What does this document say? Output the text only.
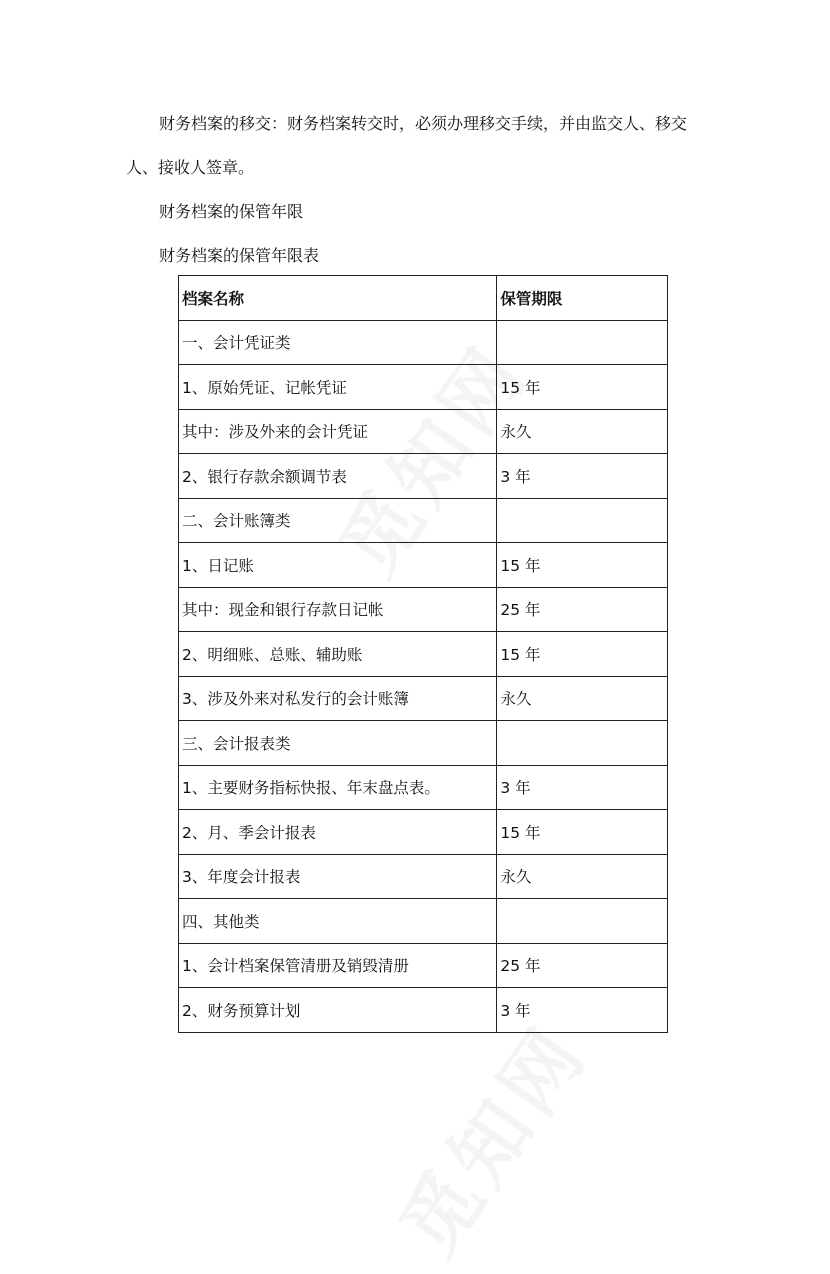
财务档案的移交：财务档案转交时，必须办理移交手续，并由监交人、移交人、接收人签章。

财务档案的保管年限

财务档案的保管年限表

档案名称	保管期限
一、会计凭证类	
1、原始凭证、记帐凭证	15 年
其中：涉及外来的会计凭证	永久
2、银行存款余额调节表	3 年
二、会计账簿类	
1、日记账	15 年
其中：现金和银行存款日记帐	25 年
2、明细账、总账、辅助账	15 年
3、涉及外来对私发行的会计账簿	永久
三、会计报表类	
1、主要财务指标快报、年末盘点表。	3 年
2、月、季会计报表	15 年
3、年度会计报表	永久
四、其他类	
1、会计档案保管清册及销毁清册	25 年
2、财务预算计划	3 年
